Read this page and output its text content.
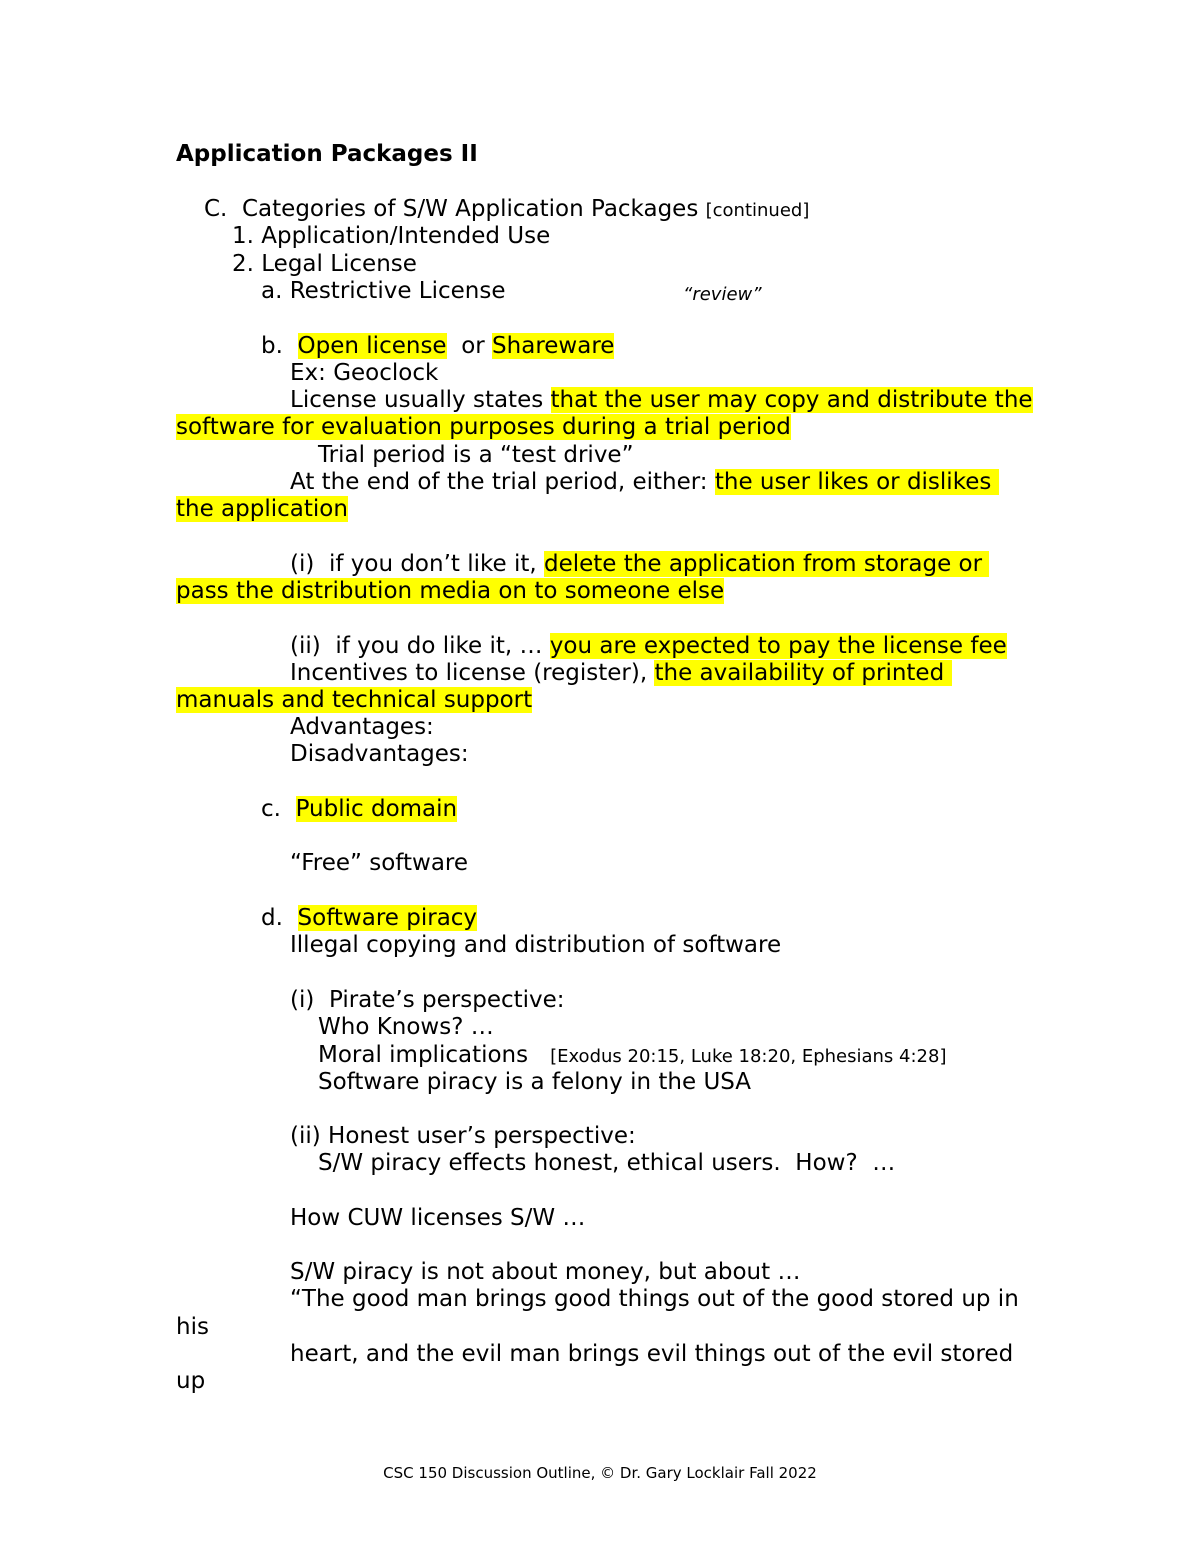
Application Packages II
C.  Categories of S/W Application Packages [continued]
1. Application/Intended Use
2. Legal License
a. Restrictive License	“review”
b.  Open license  or Shareware
Ex: Geoclock
License usually states that the user may copy and distribute the
software for evaluation purposes during a trial period
Trial period is a “test drive”
At the end of the trial period, either: the user likes or dislikes
the application
(i)  if you don’t like it, delete the application from storage or
pass the distribution media on to someone else
(ii)  if you do like it, … you are expected to pay the license fee
Incentives to license (register), the availability of printed
manuals and technical support
Advantages:
Disadvantages:
c.  Public domain
“Free” software
d.  Software piracy
Illegal copying and distribution of software
(i)  Pirate’s perspective:
Who Knows? …
Moral implications [Exodus 20:15, Luke 18:20, Ephesians 4:28]
Software piracy is a felony in the USA
(ii) Honest user’s perspective:
S/W piracy effects honest, ethical users.  How?  …
How CUW licenses S/W …
S/W piracy is not about money, but about …
“The good man brings good things out of the good stored up in
his
heart, and the evil man brings evil things out of the evil stored
up
CSC 150 Discussion Outline, © Dr. Gary Locklair Fall 2022
